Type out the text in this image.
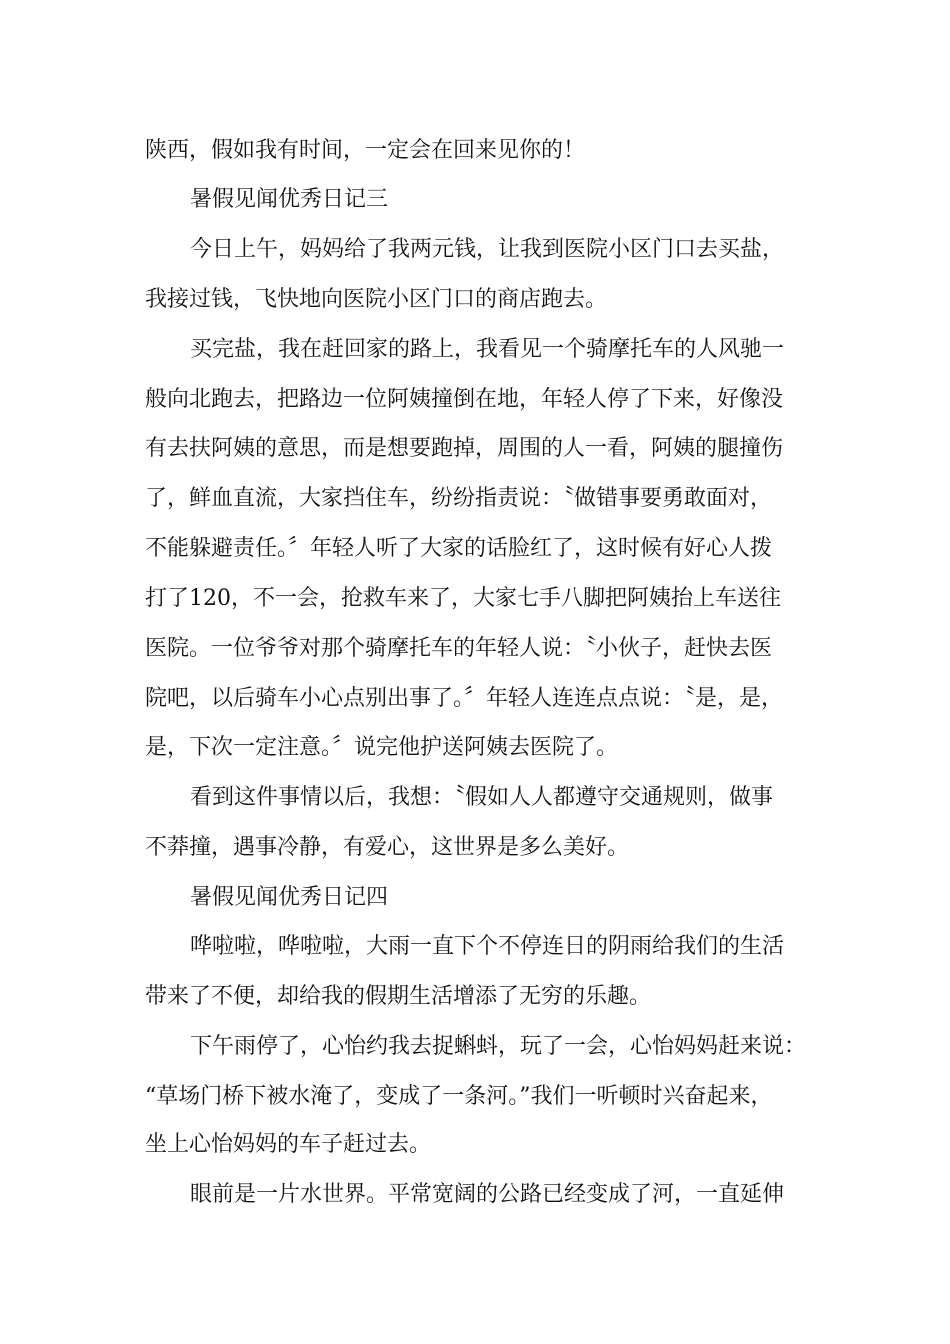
陕西，假如我有时间，一定会在回来见你的！
暑假见闻优秀日记三
今日上午，妈妈给了我两元钱，让我到医院小区门口去买盐，
我接过钱，飞快地向医院小区门口的商店跑去。
买完盐，我在赶回家的路上，我看见一个骑摩托车的人风驰一
般向北跑去，把路边一位阿姨撞倒在地，年轻人停了下来，好像没
有去扶阿姨的意思，而是想要跑掉，周围的人一看，阿姨的腿撞伤
了，鲜血直流，大家挡住车，纷纷指责说：〝做错事要勇敢面对，
不能躲避责任。〞年轻人听了大家的话脸红了，这时候有好心人拨
打了120，不一会，抢救车来了，大家七手八脚把阿姨抬上车送往
医院。一位爷爷对那个骑摩托车的年轻人说：〝小伙子，赶快去医
院吧，以后骑车小心点别出事了。〞年轻人连连点点说：〝是，是，
是，下次一定注意。〞说完他护送阿姨去医院了。
看到这件事情以后，我想：〝假如人人都遵守交通规则，做事
不莽撞，遇事冷静，有爱心，这世界是多么美好。
暑假见闻优秀日记四
哗啦啦，哗啦啦，大雨一直下个不停连日的阴雨给我们的生活
带来了不便，却给我的假期生活增添了无穷的乐趣。
下午雨停了，心怡约我去捉蝌蚪，玩了一会，心怡妈妈赶来说：
“草场门桥下被水淹了，变成了一条河。”我们一听顿时兴奋起来，
坐上心怡妈妈的车子赶过去。
眼前是一片水世界。平常宽阔的公路已经变成了河，一直延伸
